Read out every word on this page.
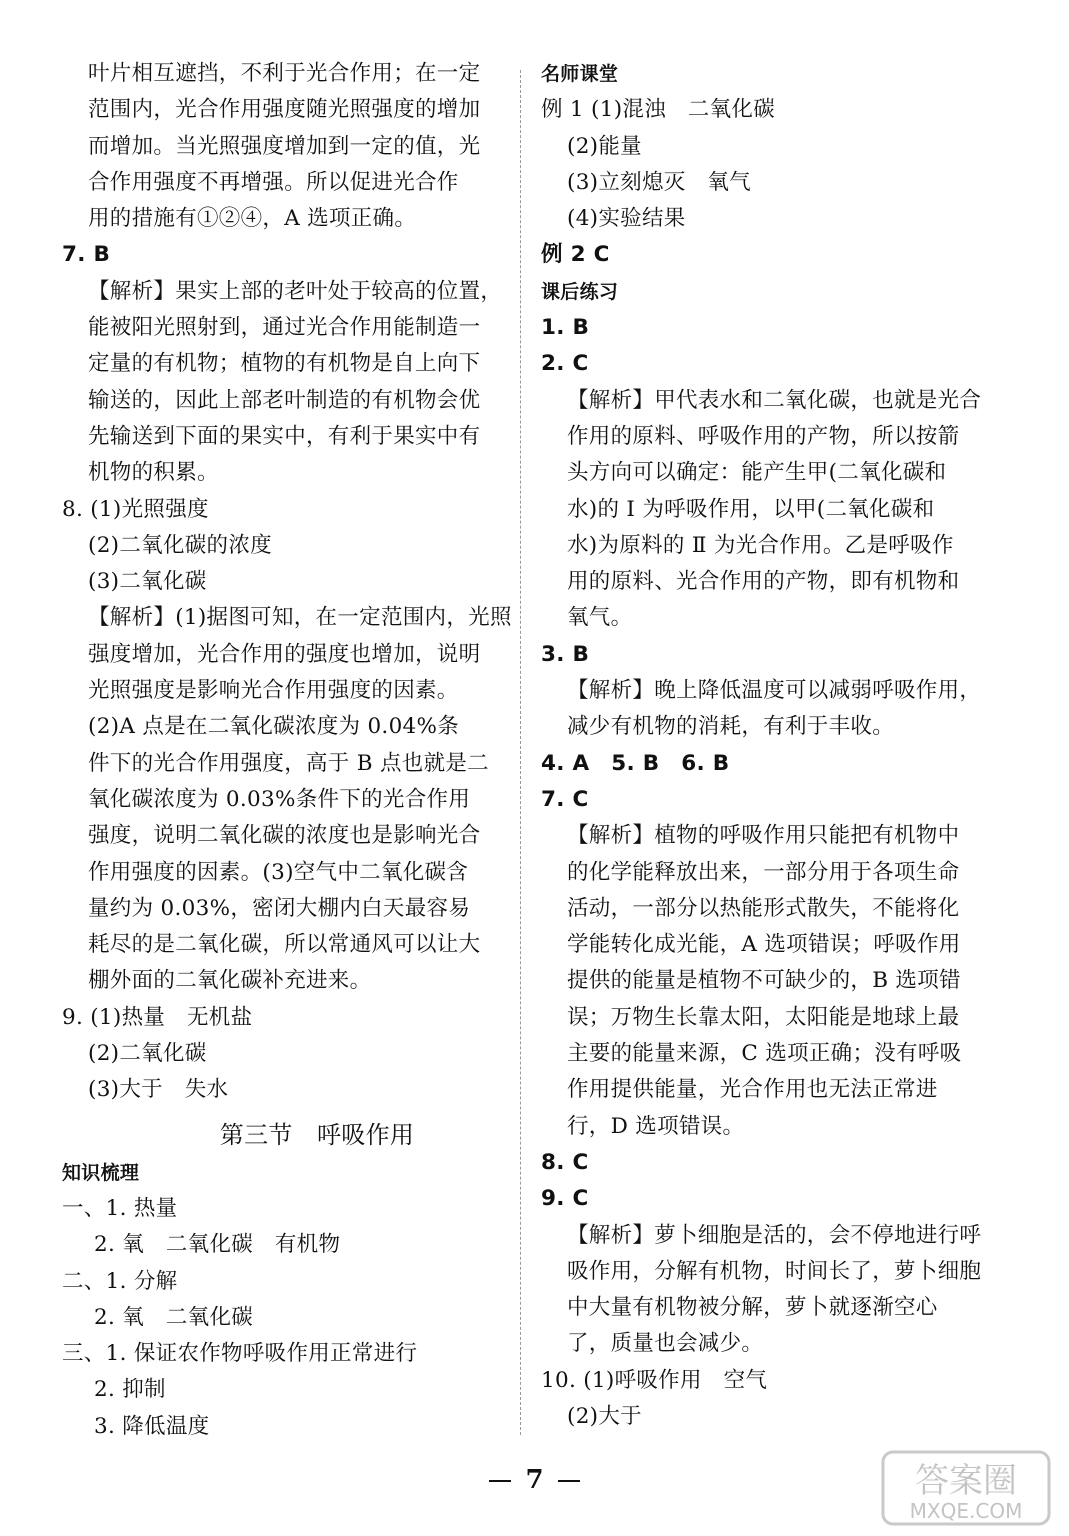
叶片相互遮挡，不利于光合作用；在一定
范围内，光合作用强度随光照强度的增加
而增加。当光照强度增加到一定的值，光
合作用强度不再增强。所以促进光合作
用的措施有①②④，A 选项正确。
7. B
【解析】果实上部的老叶处于较高的位置，
能被阳光照射到，通过光合作用能制造一
定量的有机物；植物的有机物是自上向下
输送的，因此上部老叶制造的有机物会优
先输送到下面的果实中，有利于果实中有
机物的积累。
8. (1)光照强度
(2)二氧化碳的浓度
(3)二氧化碳
【解析】(1)据图可知，在一定范围内，光照
强度增加，光合作用的强度也增加，说明
光照强度是影响光合作用强度的因素。
(2)A 点是在二氧化碳浓度为 0.04%条
件下的光合作用强度，高于 B 点也就是二
氧化碳浓度为 0.03%条件下的光合作用
强度，说明二氧化碳的浓度也是影响光合
作用强度的因素。(3)空气中二氧化碳含
量约为 0.03%，密闭大棚内白天最容易
耗尽的是二氧化碳，所以常通风可以让大
棚外面的二氧化碳补充进来。
9. (1)热量　无机盐
(2)二氧化碳
(3)大于　失水
第三节　呼吸作用
知识梳理
一、1. 热量
2. 氧　二氧化碳　有机物
二、1. 分解
2. 氧　二氧化碳
三、1. 保证农作物呼吸作用正常进行
2. 抑制
3. 降低温度
名师课堂
例 1 (1)混浊　二氧化碳
(2)能量
(3)立刻熄灭　氧气
(4)实验结果
例 2 C
课后练习
1. B
2. C
【解析】甲代表水和二氧化碳，也就是光合
作用的原料、呼吸作用的产物，所以按箭
头方向可以确定：能产生甲(二氧化碳和
水)的 Ⅰ 为呼吸作用，以甲(二氧化碳和
水)为原料的 Ⅱ 为光合作用。乙是呼吸作
用的原料、光合作用的产物，即有机物和
氧气。
3. B
【解析】晚上降低温度可以减弱呼吸作用，
减少有机物的消耗，有利于丰收。
4. A　5. B　6. B
7. C
【解析】植物的呼吸作用只能把有机物中
的化学能释放出来，一部分用于各项生命
活动，一部分以热能形式散失，不能将化
学能转化成光能，A 选项错误；呼吸作用
提供的能量是植物不可缺少的，B 选项错
误；万物生长靠太阳，太阳能是地球上最
主要的能量来源，C 选项正确；没有呼吸
作用提供能量，光合作用也无法正常进
行，D 选项错误。
8. C
9. C
【解析】萝卜细胞是活的，会不停地进行呼
吸作用，分解有机物，时间长了，萝卜细胞
中大量有机物被分解，萝卜就逐渐空心
了，质量也会减少。
10. (1)呼吸作用　空气
(2)大于
7	答案圈
MXQE.COM
